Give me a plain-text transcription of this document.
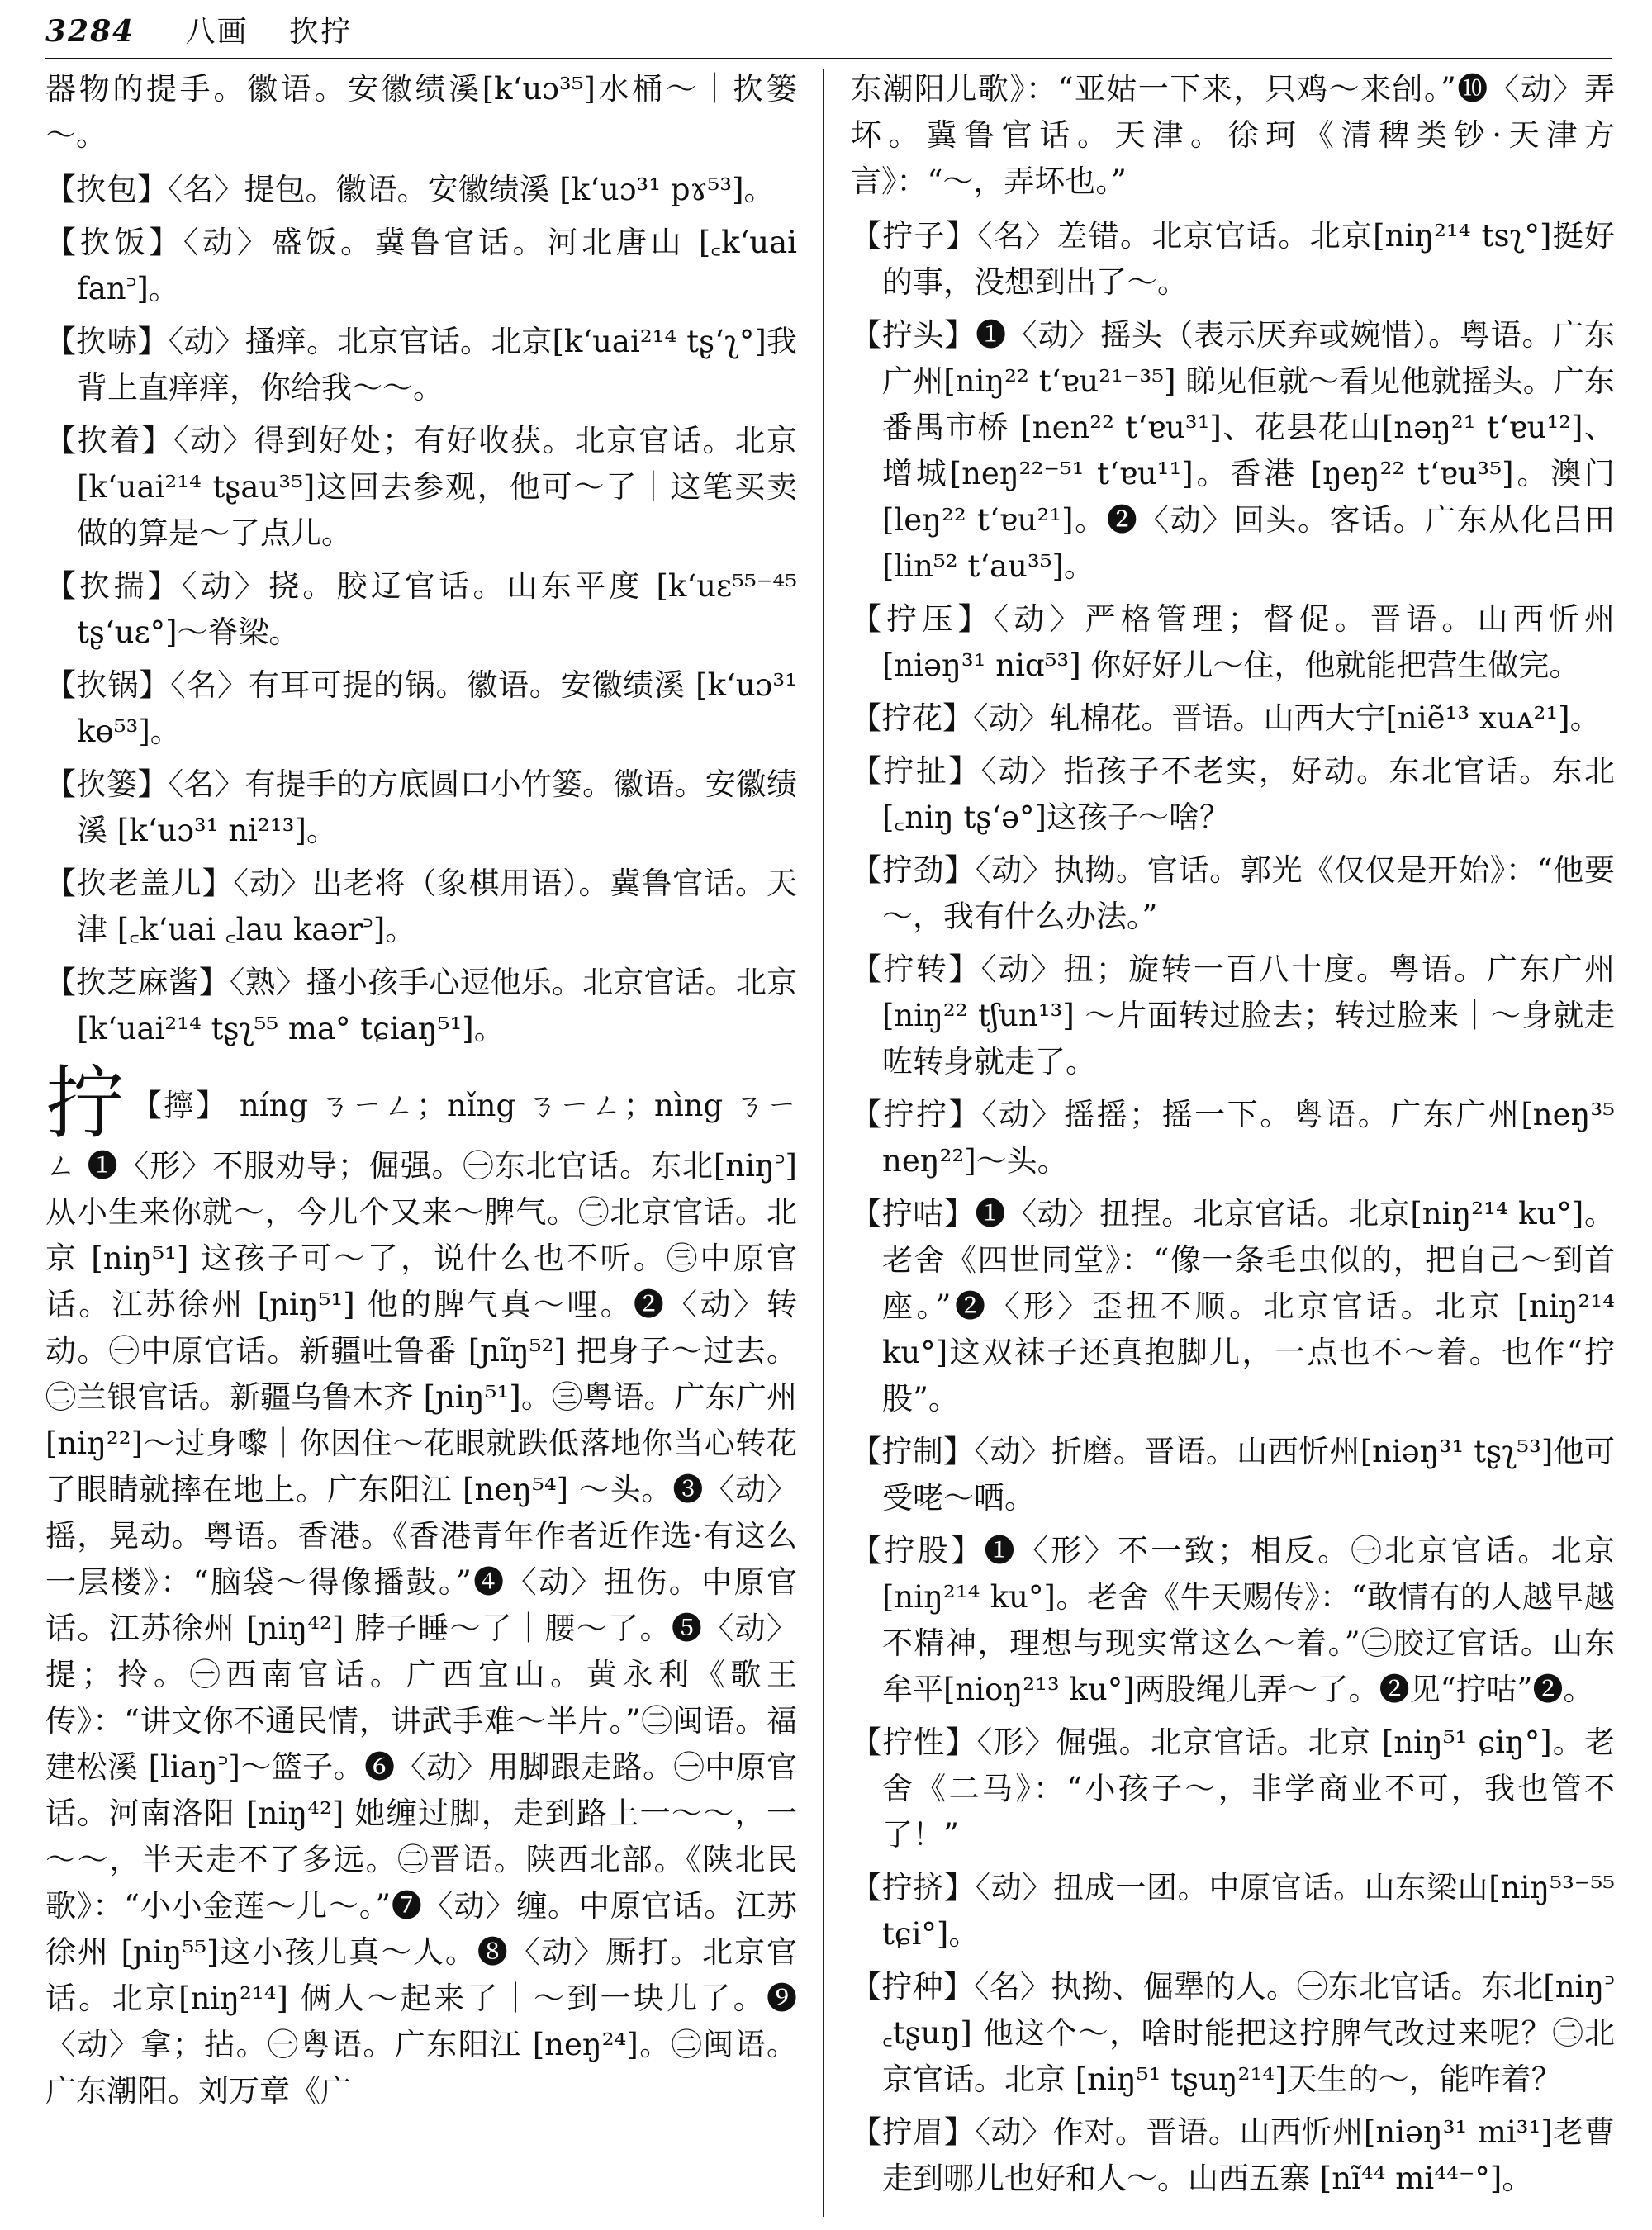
3284 八画 扻拧

器物的提手。徽语。安徽绩溪[kʻuɔ³⁵]水桶～｜扻篓～。

【扻包】〈名〉提包。徽语。安徽绩溪 [kʻuɔ³¹ pɤ⁵³]。

【扻饭】〈动〉盛饭。冀鲁官话。河北唐山 [꜀kʻuai fan꜄]。

【扻哧】〈动〉搔痒。北京官话。北京[kʻuai²¹⁴ tʂʻʅ°]我背上直痒痒，你给我～～。

【扻着】〈动〉得到好处；有好收获。北京官话。北京[kʻuai²¹⁴ tʂau³⁵]这回去参观，他可～了｜这笔买卖做的算是～了点儿。

【扻揣】〈动〉挠。胶辽官话。山东平度 [kʻuɛ⁵⁵⁻⁴⁵ tʂʻuɛ°]～脊梁。

【扻锅】〈名〉有耳可提的锅。徽语。安徽绩溪 [kʻuɔ³¹ kɵ⁵³]。

【扻篓】〈名〉有提手的方底圆口小竹篓。徽语。安徽绩溪 [kʻuɔ³¹ ni²¹³]。

【扻老盖儿】〈动〉出老将（象棋用语）。冀鲁官话。天津 [꜀kʻuai ꜀lau kaər꜄]。

【扻芝麻酱】〈熟〉搔小孩手心逗他乐。北京官话。北京 [kʻuai²¹⁴ tʂʅ⁵⁵ ma° tɕiaŋ⁵¹]。

拧 【擰】 níng ㄋㄧㄥ；nǐng ㄋㄧㄥ；nìng ㄋㄧㄥ ❶〈形〉不服劝导；倔强。㊀东北官话。东北[niŋ꜄]从小生来你就～，今儿个又来～脾气。㊁北京官话。北京 [niŋ⁵¹] 这孩子可～了，说什么也不听。㊂中原官话。江苏徐州 [ɲiŋ⁵¹] 他的脾气真～哩。❷〈动〉转动。㊀中原官话。新疆吐鲁番 [ɲĩŋ⁵²] 把身子～过去。㊁兰银官话。新疆乌鲁木齐 [ɲiŋ⁵¹]。㊂粤语。广东广州 [niŋ²²]～过身嚟｜你因住～花眼就跌低落地你当心转花了眼睛就摔在地上。广东阳江 [neŋ⁵⁴] ～头。❸〈动〉摇，晃动。粤语。香港。《香港青年作者近作选·有这么一层楼》：“脑袋～得像播鼓。”❹〈动〉扭伤。中原官话。江苏徐州 [ɲiŋ⁴²] 脖子睡～了｜腰～了。❺〈动〉提；拎。㊀西南官话。广西宜山。黄永利《歌王传》：“讲文你不通民情，讲武手难～半片。”㊁闽语。福建松溪 [liaŋ꜄]～篮子。❻〈动〉用脚跟走路。㊀中原官话。河南洛阳 [niŋ⁴²] 她缠过脚，走到路上一～～，一～～，半天走不了多远。㊁晋语。陕西北部。《陕北民歌》：“小小金莲～儿～。”❼〈动〉缠。中原官话。江苏徐州 [ɲiŋ⁵⁵]这小孩儿真～人。❽〈动〉厮打。北京官话。北京[niŋ²¹⁴] 俩人～起来了｜～到一块儿了。❾〈动〉拿；拈。㊀粤语。广东阳江 [neŋ²⁴]。㊁闽语。广东潮阳。刘万章《广

东潮阳儿歌》：“亚姑一下来，只鸡～来刣。”❿〈动〉弄坏。冀鲁官话。天津。徐珂《清稗类钞·天津方言》：“～，弄坏也。”

【拧子】〈名〉差错。北京官话。北京[niŋ²¹⁴ tsʅ°]挺好的事，没想到出了～。

【拧头】❶〈动〉摇头（表示厌弃或婉惜）。粤语。广东广州[niŋ²² tʻɐu²¹⁻³⁵] 睇见佢就～看见他就摇头。广东番禺市桥 [nen²² tʻɐu³¹]、花县花山[nəŋ²¹ tʻɐu¹²]、增城[neŋ²²⁻⁵¹ tʻɐu¹¹]。香港 [ŋeŋ²² tʻɐu³⁵]。澳门 [leŋ²² tʻɐu²¹]。❷〈动〉回头。客话。广东从化吕田 [lin⁵² tʻau³⁵]。

【拧压】〈动〉严格管理；督促。晋语。山西忻州 [niəŋ³¹ niɑ⁵³] 你好好儿～住，他就能把营生做完。

【拧花】〈动〉轧棉花。晋语。山西大宁[niẽ¹³ xuᴀ²¹]。

【拧扯】〈动〉指孩子不老实，好动。东北官话。东北 [꜀niŋ tʂʻə°]这孩子～啥？

【拧劲】〈动〉执拗。官话。郭光《仅仅是开始》：“他要～，我有什么办法。”

【拧转】〈动〉扭；旋转一百八十度。粤语。广东广州 [niŋ²² tʃun¹³] ～片面转过脸去；转过脸来｜～身就走咗转身就走了。

【拧拧】〈动〉摇摇；摇一下。粤语。广东广州[neŋ³⁵ neŋ²²]～头。

【拧咕】❶〈动〉扭捏。北京官话。北京[niŋ²¹⁴ ku°]。老舍《四世同堂》：“像一条毛虫似的，把自己～到首座。”❷〈形〉歪扭不顺。北京官话。北京 [niŋ²¹⁴ ku°]这双袜子还真抱脚儿，一点也不～着。也作“拧股”。

【拧制】〈动〉折磨。晋语。山西忻州[niəŋ³¹ tʂʅ⁵³]他可受咾～哂。

【拧股】❶〈形〉不一致；相反。㊀北京官话。北京 [niŋ²¹⁴ ku°]。老舍《牛天赐传》：“敢情有的人越早越不精神，理想与现实常这么～着。”㊁胶辽官话。山东牟平[nioŋ²¹³ ku°]两股绳儿弄～了。❷见“拧咕”❷。

【拧性】〈形〉倔强。北京官话。北京 [niŋ⁵¹ ɕiŋ°]。老舍《二马》：“小孩子～，非学商业不可，我也管不了！”

【拧挤】〈动〉扭成一团。中原官话。山东梁山[niŋ⁵³⁻⁵⁵ tɕi°]。

【拧种】〈名〉执拗、倔犟的人。㊀东北官话。东北[niŋ꜄ ꜀tʂuŋ] 他这个～，啥时能把这拧脾气改过来呢？㊁北京官话。北京 [niŋ⁵¹ tʂuŋ²¹⁴]天生的～，能咋着？

【拧眉】〈动〉作对。晋语。山西忻州[niəŋ³¹ mi³¹]老曹走到哪儿也好和人～。山西五寨 [nĩ⁴⁴ mi⁴⁴⁻°]。
